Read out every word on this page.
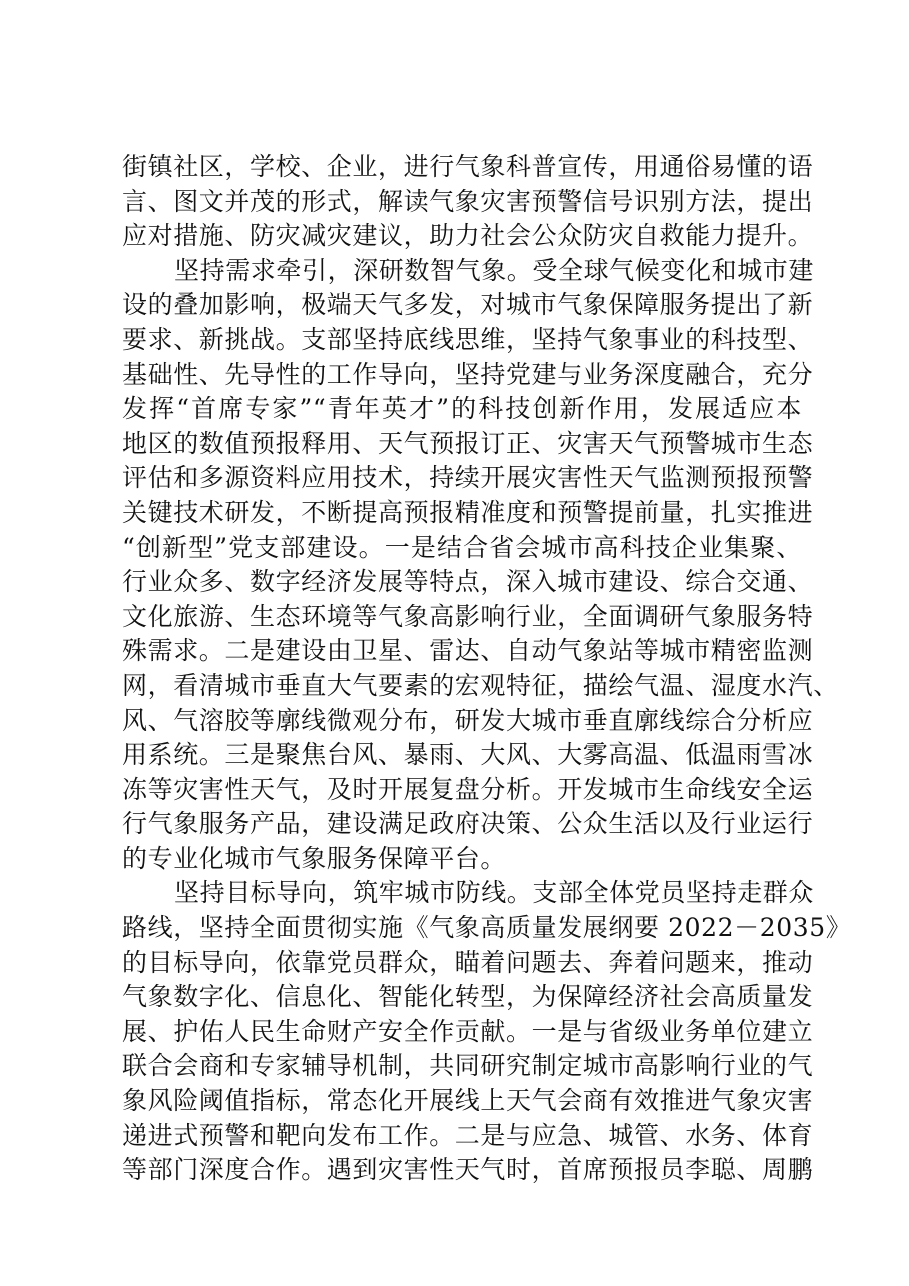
街镇社区，学校、企业，进行气象科普宣传，用通俗易懂的语
言、图文并茂的形式，解读气象灾害预警信号识别方法，提出
应对措施、防灾减灾建议，助力社会公众防灾自救能力提升。
坚持需求牵引，深研数智气象。受全球气候变化和城市建
设的叠加影响，极端天气多发，对城市气象保障服务提出了新
要求、新挑战。支部坚持底线思维，坚持气象事业的科技型、
基础性、先导性的工作导向，坚持党建与业务深度融合，充分
发挥“首席专家”“青年英才”的科技创新作用，发展适应本
地区的数值预报释用、天气预报订正、灾害天气预警城市生态
评估和多源资料应用技术，持续开展灾害性天气监测预报预警
关键技术研发，不断提高预报精准度和预警提前量，扎实推进
“创新型”党支部建设。一是结合省会城市高科技企业集聚、
行业众多、数字经济发展等特点，深入城市建设、综合交通、
文化旅游、生态环境等气象高影响行业，全面调研气象服务特
殊需求。二是建设由卫星、雷达、自动气象站等城市精密监测
网，看清城市垂直大气要素的宏观特征，描绘气温、湿度水汽、
风、气溶胶等廓线微观分布，研发大城市垂直廓线综合分析应
用系统。三是聚焦台风、暴雨、大风、大雾高温、低温雨雪冰
冻等灾害性天气，及时开展复盘分析。开发城市生命线安全运
行气象服务产品，建设满足政府决策、公众生活以及行业运行
的专业化城市气象服务保障平台。
坚持目标导向，筑牢城市防线。支部全体党员坚持走群众
路线，坚持全面贯彻实施《气象高质量发展纲要 2022－2035》
的目标导向，依靠党员群众，瞄着问题去、奔着问题来，推动
气象数字化、信息化、智能化转型，为保障经济社会高质量发
展、护佑人民生命财产安全作贡献。一是与省级业务单位建立
联合会商和专家辅导机制，共同研究制定城市高影响行业的气
象风险阈值指标，常态化开展线上天气会商有效推进气象灾害
递进式预警和靶向发布工作。二是与应急、城管、水务、体育
等部门深度合作。遇到灾害性天气时，首席预报员李聪、周鹏
